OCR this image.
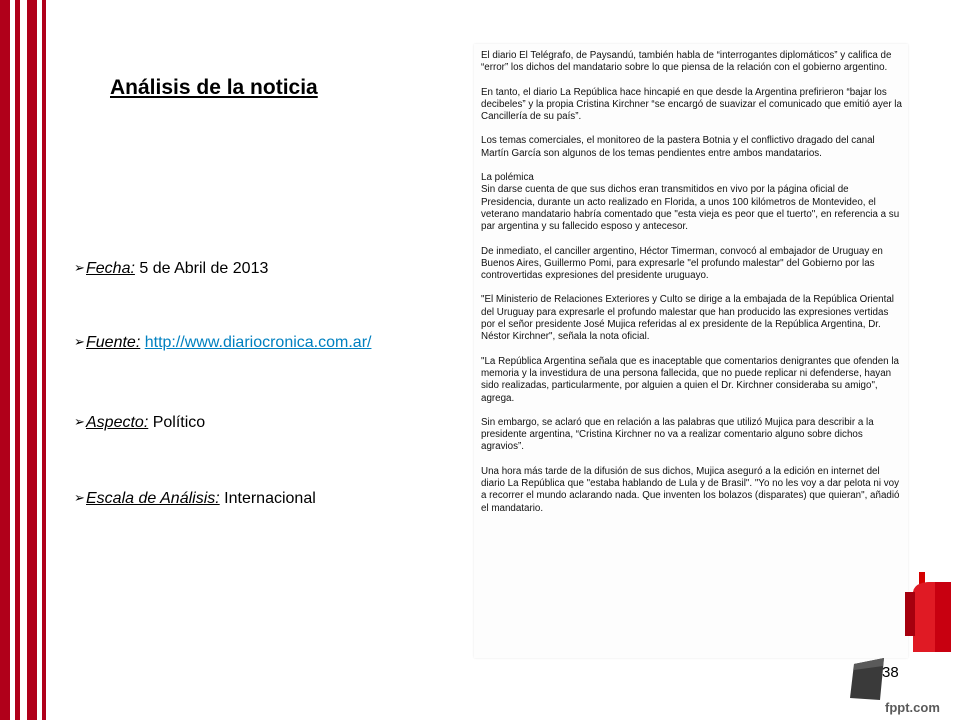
Análisis de la noticia
➢Fecha: 5 de Abril de 2013
➢Fuente: http://www.diariocronica.com.ar/
➢Aspecto: Político
➢Escala de Análisis: Internacional

El diario El Telégrafo, de Paysandú, también habla de “interrogantes diplomáticos” y califica de “error” los dichos del mandatario sobre lo que piensa de la relación con el gobierno argentino.

En tanto, el diario La República hace hincapié en que desde la Argentina prefirieron “bajar los decibeles” y la propia Cristina Kirchner “se encargó de suavizar el comunicado que emitió ayer la Cancillería de su país”.

Los temas comerciales, el monitoreo de la pastera Botnia y el conflictivo dragado del canal Martín García son algunos de los temas pendientes entre ambos mandatarios.

La polémica

Sin darse cuenta de que sus dichos eran transmitidos en vivo por la página oficial de Presidencia, durante un acto realizado en Florida, a unos 100 kilómetros de Montevideo, el veterano mandatario habría comentado que "esta vieja es peor que el tuerto", en referencia a su par argentina y su fallecido esposo y antecesor.

De inmediato, el canciller argentino, Héctor Timerman, convocó al embajador de Uruguay en Buenos Aires, Guillermo Pomi, para expresarle "el profundo malestar" del Gobierno por las controvertidas expresiones del presidente uruguayo.

"El Ministerio de Relaciones Exteriores y Culto se dirige a la embajada de la República Oriental del Uruguay para expresarle el profundo malestar que han producido las expresiones vertidas por el señor presidente José Mujica referidas al ex presidente de la República Argentina, Dr. Néstor Kirchner", señala la nota oficial.

"La República Argentina señala que es inaceptable que comentarios denigrantes que ofenden la memoria y la investidura de una persona fallecida, que no puede replicar ni defenderse, hayan sido realizadas, particularmente, por alguien a quien el Dr. Kirchner consideraba su amigo", agrega.

Sin embargo, se aclaró que en relación a las palabras que utilizó Mujica para describir a la presidente argentina, “Cristina Kirchner no va a realizar comentario alguno sobre dichos agravios”.

Una hora más tarde de la difusión de sus dichos, Mujica aseguró a la edición en internet del diario La República que "estaba hablando de Lula y de Brasil". "Yo no les voy a dar pelota ni voy a recorrer el mundo aclarando nada. Que inventen los bolazos (disparates) que quieran", añadió el mandatario.

38
fppt.com
